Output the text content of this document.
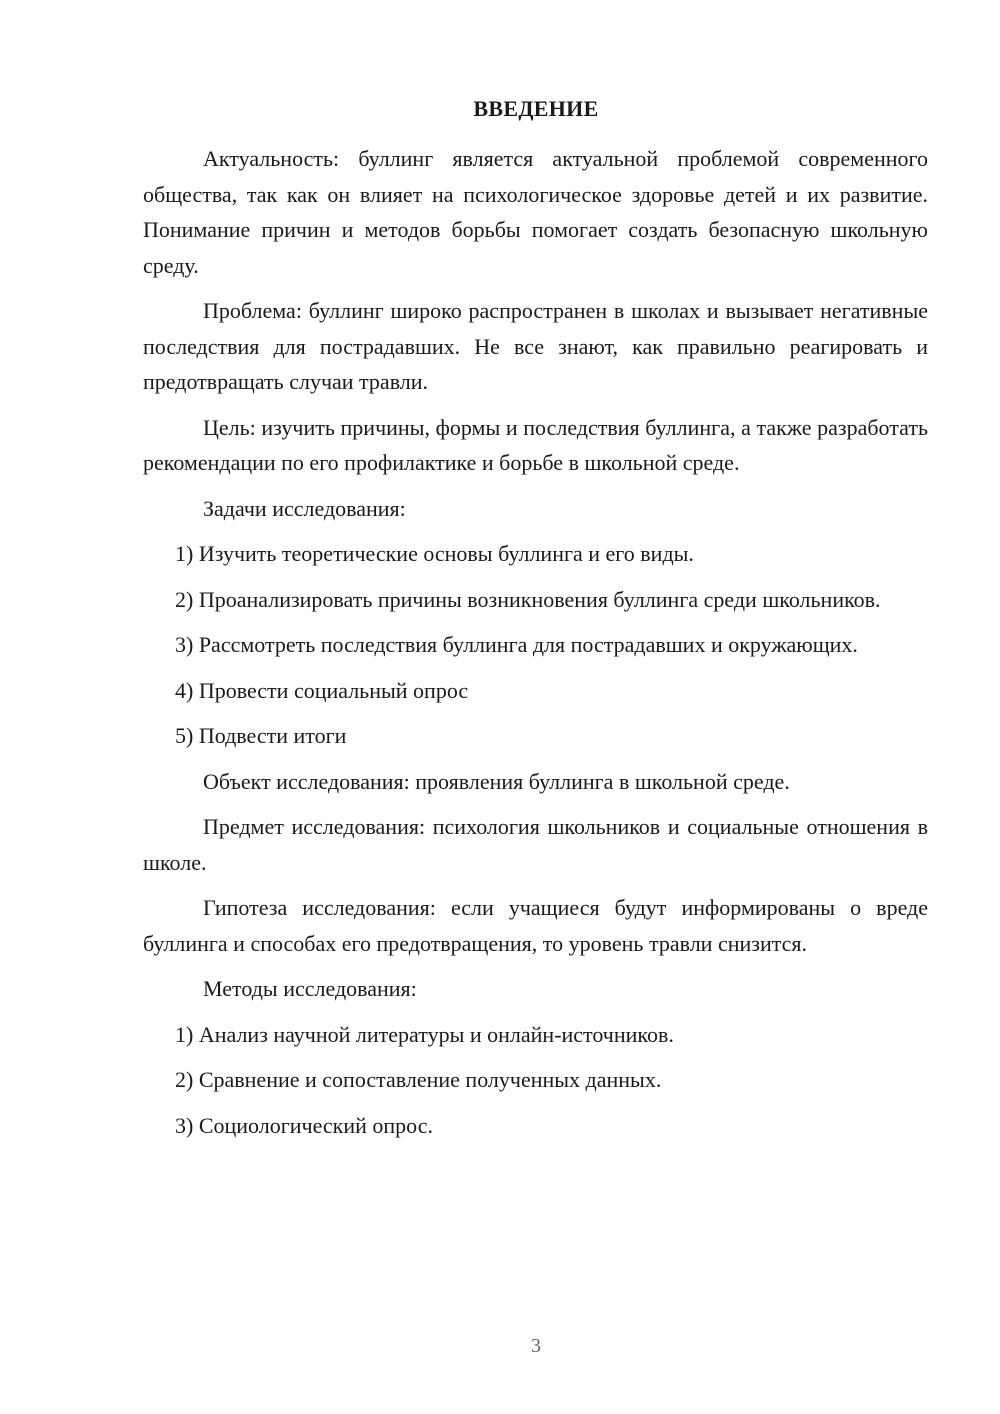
ВВЕДЕНИЕ

Актуальность: буллинг является актуальной проблемой современного общества, так как он влияет на психологическое здоровье детей и их развитие. Понимание причин и методов борьбы помогает создать безопасную школьную среду.

Проблема: буллинг широко распространен в школах и вызывает негативные последствия для пострадавших. Не все знают, как правильно реагировать и предотвращать случаи травли.

Цель: изучить причины, формы и последствия буллинга, а также разработать рекомендации по его профилактике и борьбе в школьной среде.

Задачи исследования:

1) Изучить теоретические основы буллинга и его виды.

2) Проанализировать причины возникновения буллинга среди школьников.

3) Рассмотреть последствия буллинга для пострадавших и окружающих.

4) Провести социальный опрос

5) Подвести итоги

Объект исследования: проявления буллинга в школьной среде.

Предмет исследования: психология школьников и социальные отношения в школе.

Гипотеза исследования: если учащиеся будут информированы о вреде буллинга и способах его предотвращения, то уровень травли снизится.

Методы исследования:

1) Анализ научной литературы и онлайн-источников.

2) Сравнение и сопоставление полученных данных.

3) Социологический опрос.

3
